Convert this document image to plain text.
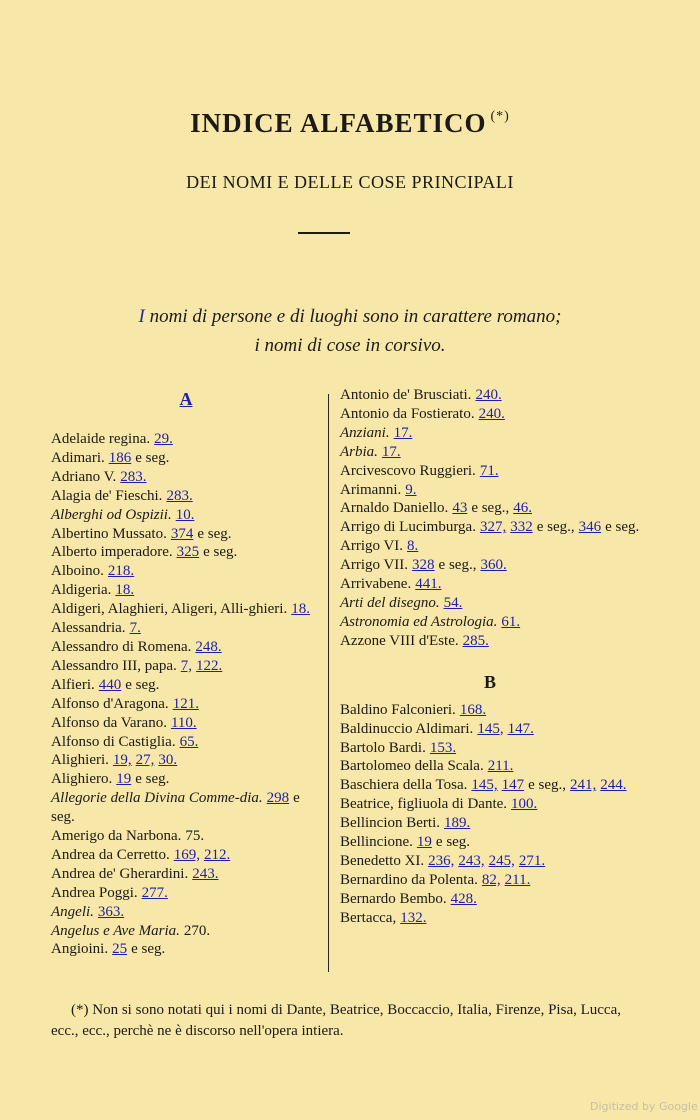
INDICE ALFABETICO (*)
DEI NOMI E DELLE COSE PRINCIPALI
I nomi di persone e di luoghi sono in carattere romano;
i nomi di cose in corsivo.
A
Adelaide regina. 29.
Adimari. 186 e seg.
Adriano V. 283.
Alagia de' Fieschi. 283.
Alberghi od Ospizii. 10.
Albertino Mussato. 374 e seg.
Alberto imperadore. 325 e seg.
Alboino. 218.
Aldigeria. 18.
Aldigeri, Alaghieri, Aligeri, Alli-ghieri. 18.
Alessandria. 7.
Alessandro di Romena. 248.
Alessandro III, papa. 7, 122.
Alfieri. 440 e seg.
Alfonso d'Aragona. 121.
Alfonso da Varano. 110.
Alfonso di Castiglia. 65.
Alighieri. 19, 27, 30.
Alighiero. 19 e seg.
Allegorie della Divina Comme-dia. 298 e seg.
Amerigo da Narbona. 75.
Andrea da Cerretto. 169, 212.
Andrea de' Gherardini. 243.
Andrea Poggi. 277.
Angeli. 363.
Angelus e Ave Maria. 270.
Angioini. 25 e seg.
Antonio de' Brusciati. 240.
Antonio da Fostierato. 240.
Anziani. 17.
Arbia. 17.
Arcivescovo Ruggieri. 71.
Arimanni. 9.
Arnaldo Daniello. 43 e seg., 46.
Arrigo di Lucimburga. 327, 332 e seg., 346 e seg.
Arrigo VI. 8.
Arrigo VII. 328 e seg., 360.
Arrivabene. 441.
Arti del disegno. 54.
Astronomia ed Astrologia. 61.
Azzone VIII d'Este. 285.
B
Baldino Falconieri. 168.
Baldinuccio Aldimari. 145, 147.
Bartolo Bardi. 153.
Bartolomeo della Scala. 211.
Baschiera della Tosa. 145, 147 e seg., 241, 244.
Beatrice, figliuola di Dante. 100.
Bellincion Berti. 189.
Bellincione. 19 e seg.
Benedetto XI. 236, 243, 245, 271.
Bernardino da Polenta. 82, 211.
Bernardo Bembo. 428.
Bertacca, 132.
(*) Non si sono notati qui i nomi di Dante, Beatrice, Boccaccio, Italia, Firenze, Pisa, Lucca, ecc., ecc., perchè ne è discorso nell'opera intiera.
Digitized by Google
